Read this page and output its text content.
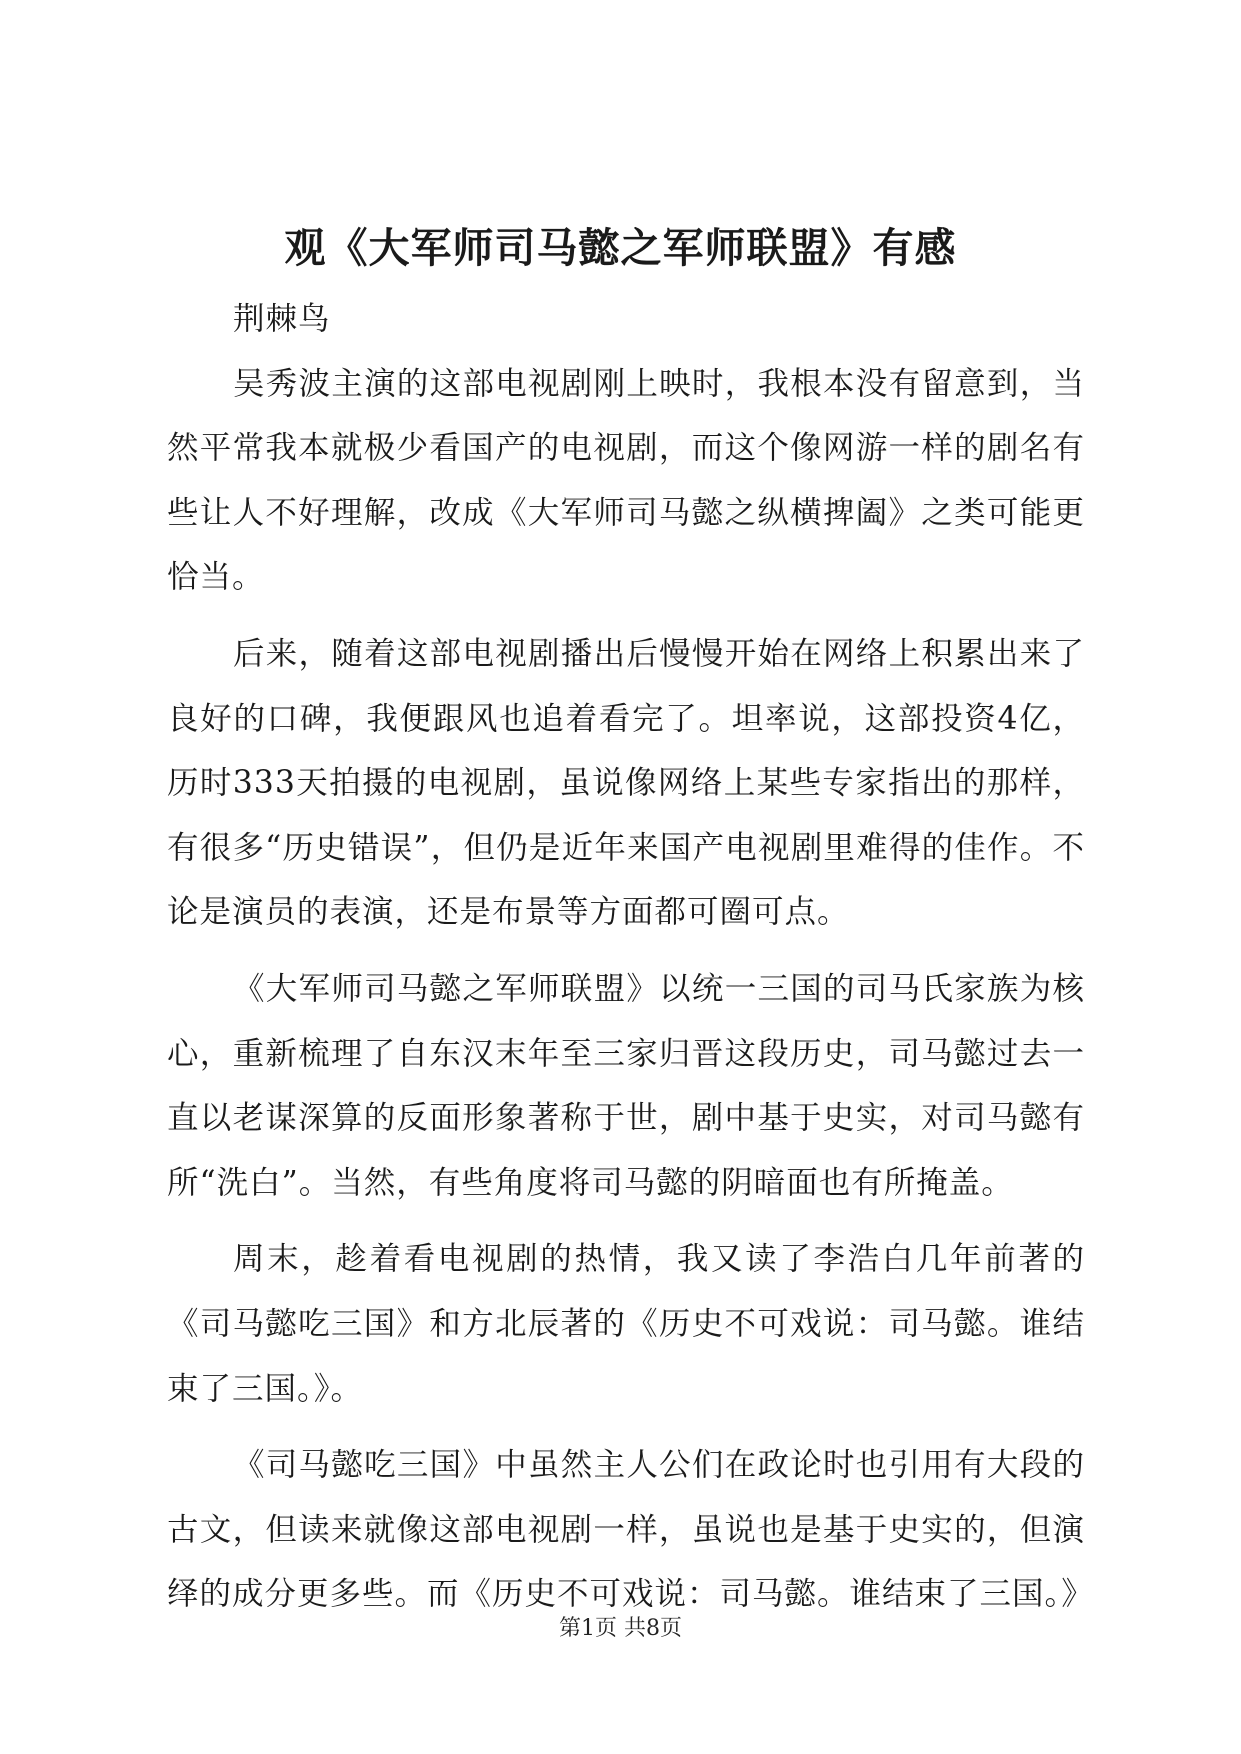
观《大军师司马懿之军师联盟》有感

荆棘鸟

吴秀波主演的这部电视剧刚上映时，我根本没有留意到，当然平常我本就极少看国产的电视剧，而这个像网游一样的剧名有些让人不好理解，改成《大军师司马懿之纵横捭阖》之类可能更恰当。

后来，随着这部电视剧播出后慢慢开始在网络上积累出来了良好的口碑，我便跟风也追着看完了。坦率说，这部投资4亿，历时333天拍摄的电视剧，虽说像网络上某些专家指出的那样，有很多“历史错误”，但仍是近年来国产电视剧里难得的佳作。不论是演员的表演，还是布景等方面都可圈可点。

《大军师司马懿之军师联盟》以统一三国的司马氏家族为核心，重新梳理了自东汉末年至三家归晋这段历史，司马懿过去一直以老谋深算的反面形象著称于世，剧中基于史实，对司马懿有所“洗白”。当然，有些角度将司马懿的阴暗面也有所掩盖。

周末，趁着看电视剧的热情，我又读了李浩白几年前著的《司马懿吃三国》和方北辰著的《历史不可戏说：司马懿。谁结束了三国。》。

《司马懿吃三国》中虽然主人公们在政论时也引用有大段的古文，但读来就像这部电视剧一样，虽说也是基于史实的，但演绎的成分更多些。而《历史不可戏说：司马懿。谁结束了三国。》

第1页 共8页
